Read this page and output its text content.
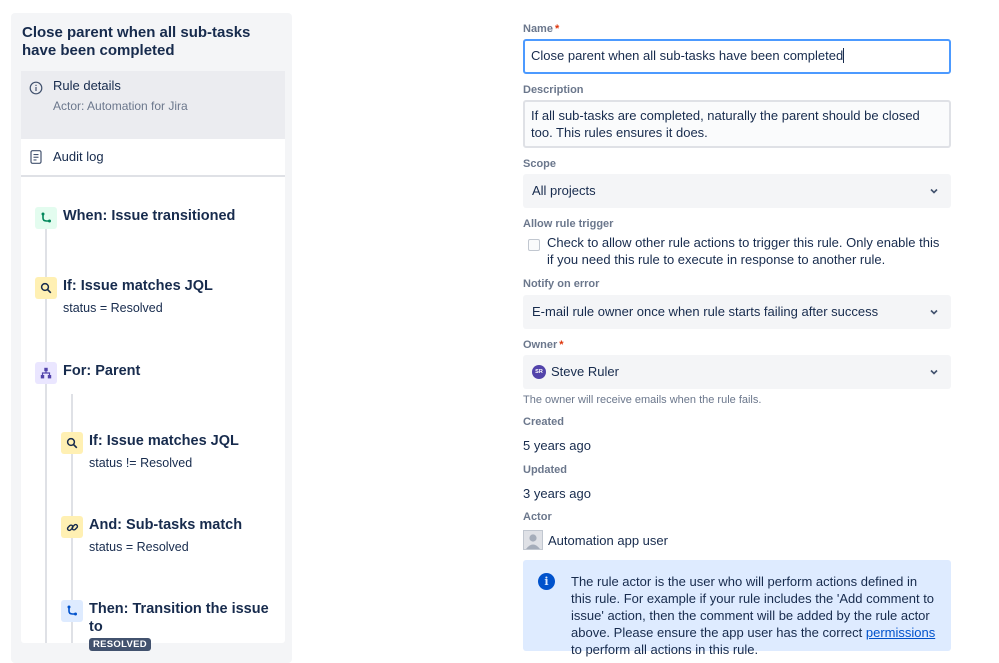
Close parent when all sub-tasks have been completed
Rule details
Actor: Automation for Jira
Audit log
When: Issue transitioned
If: Issue matches JQL
status = Resolved
For: Parent
If: Issue matches JQL
status != Resolved
And: Sub-tasks match
status = Resolved
Then: Transition the issue
to
RESOLVED
Name *
Close parent when all sub-tasks have been completed
Description
If all sub-tasks are completed, naturally the parent should be closed too. This rules ensures it does.
Scope
All projects
Allow rule trigger
Check to allow other rule actions to trigger this rule. Only enable this if you need this rule to execute in response to another rule.
Notify on error
E-mail rule owner once when rule starts failing after success
Owner *
SR Steve Ruler
The owner will receive emails when the rule fails.
Created
5 years ago
Updated
3 years ago
Actor
Automation app user
i	The rule actor is the user who will perform actions defined in this rule. For example if your rule includes the 'Add comment to issue' action, then the comment will be added by the rule actor above. Please ensure the app user has the correct permissions to perform all actions in this rule.
